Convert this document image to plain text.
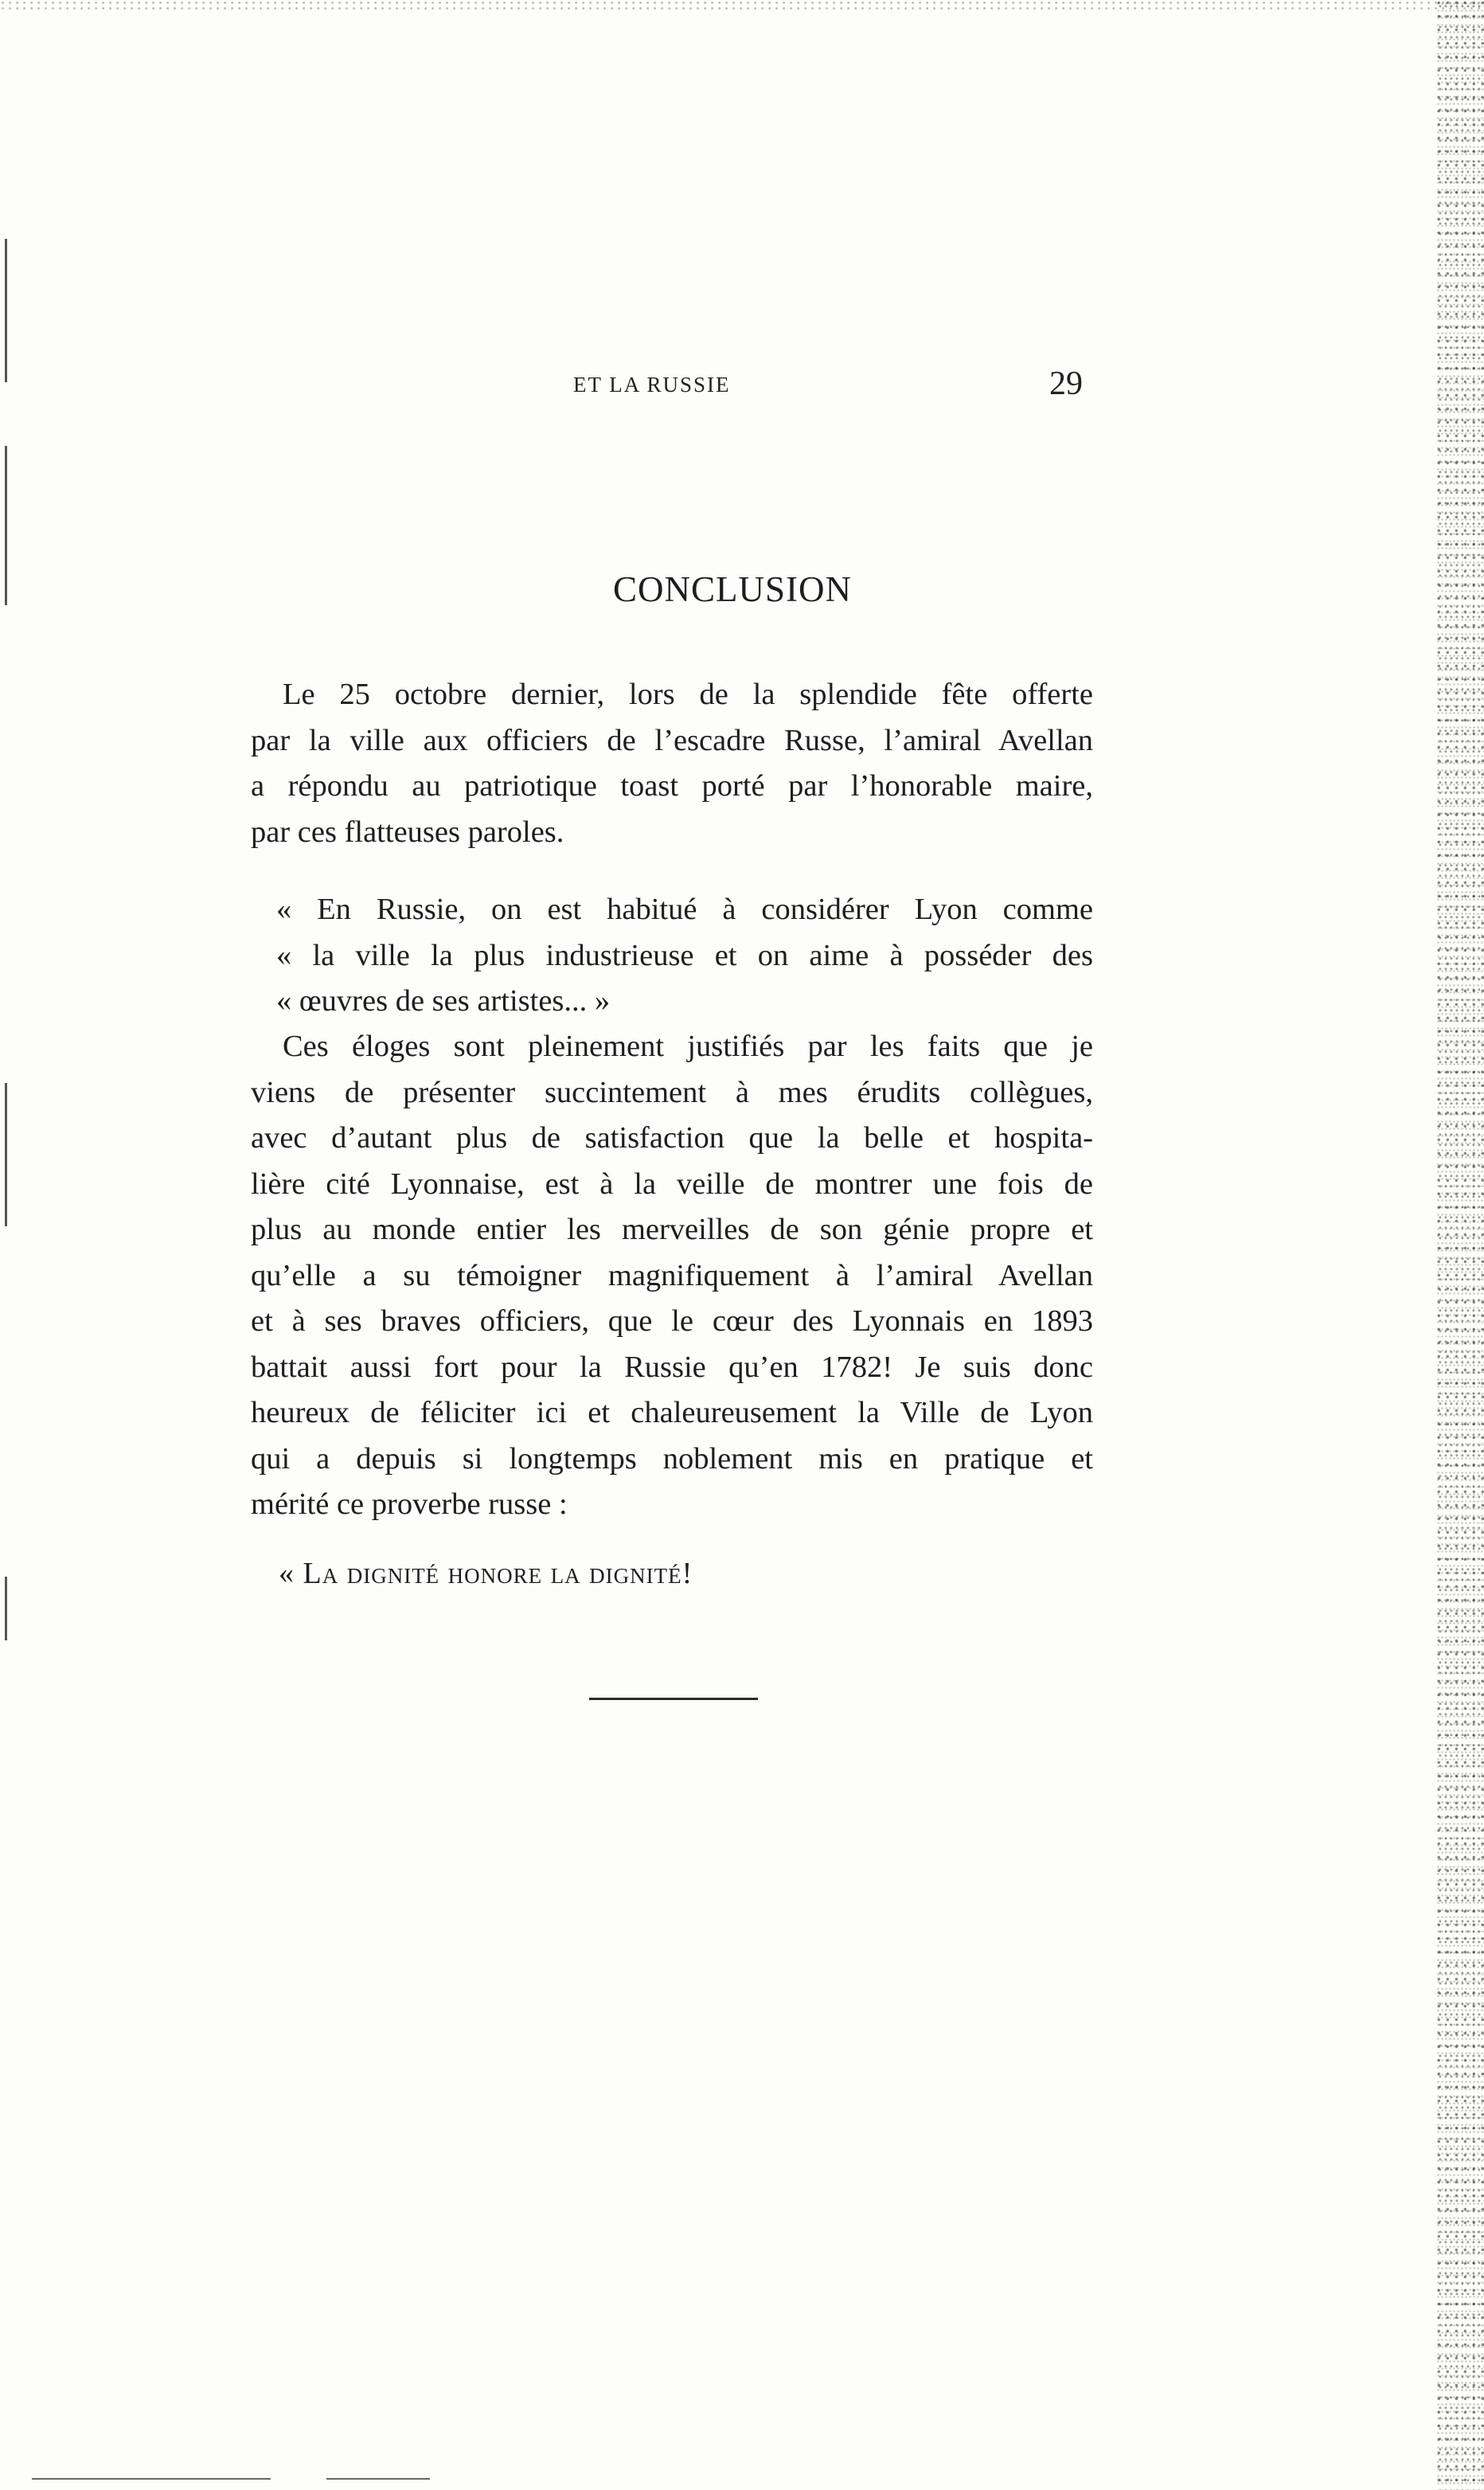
ET LA RUSSIE	29
CONCLUSION
Le 25 octobre dernier, lors de la splendide fête offerte
par la ville aux officiers de l’escadre Russe, l’amiral Avellan
a répondu au patriotique toast porté par l’honorable maire,
par ces flatteuses paroles.
« En Russie, on est habitué à considérer Lyon comme
« la ville la plus industrieuse et on aime à posséder des
« œuvres de ses artistes... »
Ces éloges sont pleinement justifiés par les faits que je
viens de présenter succintement à mes érudits collègues,
avec d’autant plus de satisfaction que la belle et hospita-
lière cité Lyonnaise, est à la veille de montrer une fois de
plus au monde entier les merveilles de son génie propre et
qu’elle a su témoigner magnifiquement à l’amiral Avellan
et à ses braves officiers, que le cœur des Lyonnais en 1893
battait aussi fort pour la Russie qu’en 1782! Je suis donc
heureux de féliciter ici et chaleureusement la Ville de Lyon
qui a depuis si longtemps noblement mis en pratique et
mérité ce proverbe russe :
« La dignité honore la dignité!
